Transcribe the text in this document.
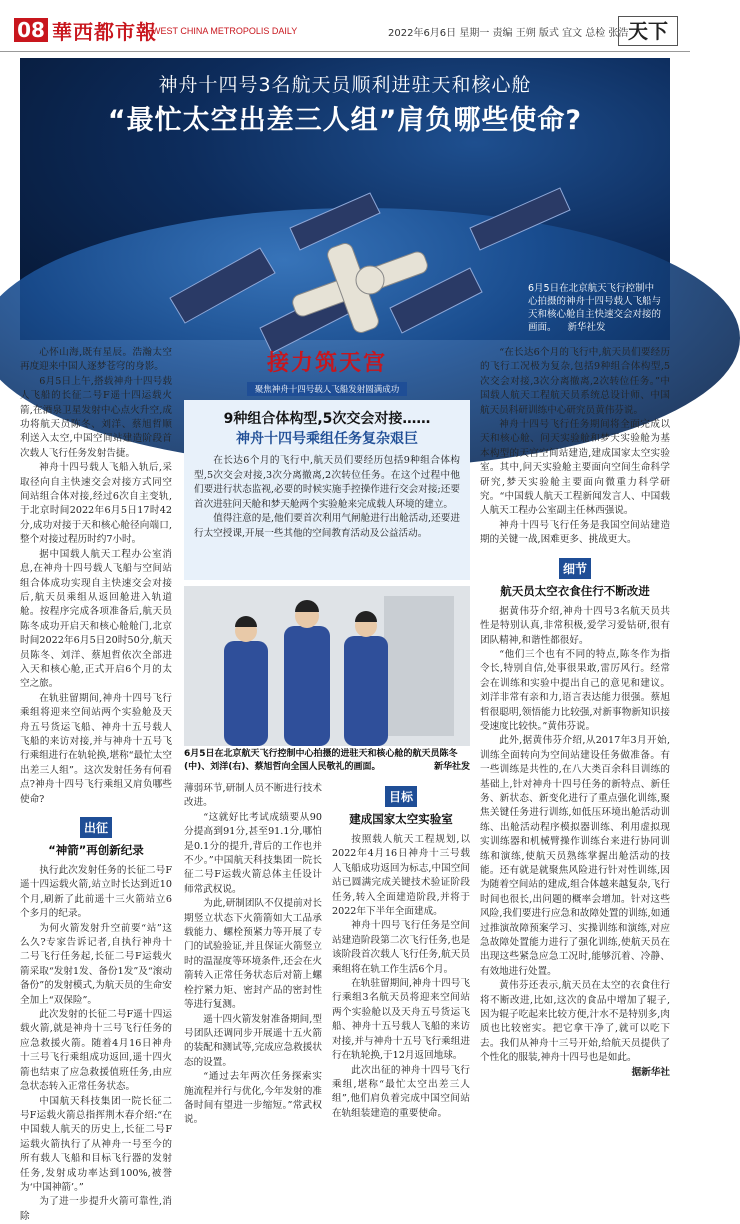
08 華西都市報
WEST CHINA METROPOLIS DAILY	2022年6月6日 星期一 责编 王朔 版式 宜文 总检 张浩 天下
神舟十四号3名航天员顺利进驻天和核心舱
“最忙太空出差三人组”肩负哪些使命?
6月5日在北京航天飞行控制中心拍摄的神舟十四号载人飞船与天和核心舱自主快速交会对接的画面。 新华社发

心怀山海,既有星辰。浩瀚太空再度迎来中国人逐梦苍穹的身影。

6月5日上午,搭载神舟十四号载人飞船的长征二号F遥十四运载火箭,在酒泉卫星发射中心点火升空,成功将航天员陈冬、刘洋、蔡旭哲顺利送入太空,中国空间站建造阶段首次载人飞行任务发射告捷。

神舟十四号载人飞船入轨后,采取径向自主快速交会对接方式同空间站组合体对接,经过6次自主变轨,于北京时间2022年6月5日17时42分,成功对接于天和核心舱径向端口,整个对接过程历时约7小时。

据中国载人航天工程办公室消息,在神舟十四号载人飞船与空间站组合体成功实现自主快速交会对接后,航天员乘组从返回舱进入轨道舱。按程序完成各项准备后,航天员陈冬成功开启天和核心舱舱门,北京时间2022年6月5日20时50分,航天员陈冬、刘洋、蔡旭哲依次全部进入天和核心舱,正式开启6个月的太空之旅。

在轨驻留期间,神舟十四号飞行乘组将迎来空间站两个实验舱及天舟五号货运飞船、神舟十五号载人飞船的来访对接,并与神舟十五号飞行乘组进行在轨轮换,堪称“最忙太空出差三人组”。这次发射任务有何看点?神舟十四号飞行乘组又肩负哪些使命?

出征
“神箭”再创新纪录

执行此次发射任务的长征二号F遥十四运载火箭,站立时长达到近10个月,刷新了此前遥十三火箭站立6个多月的纪录。

为何火箭发射升空前要“站”这么久?专家告诉记者,自执行神舟十二号飞行任务起,长征二号F运载火箭采取“发射1发、备份1发”及“滚动备份”的发射模式,为航天员的生命安全加上“双保险”。

此次发射的长征二号F遥十四运载火箭,就是神舟十三号飞行任务的应急救援火箭。随着4月16日神舟十三号飞行乘组成功返回,遥十四火箭也结束了应急救援值班任务,由应急状态转入正常任务状态。

中国航天科技集团一院长征二号F运载火箭总指挥荆木春介绍:“在中国载人航天的历史上,长征二号F运载火箭执行了从神舟一号至今的所有载人飞船和目标飞行器的发射任务,发射成功率达到100%,被誉为‘中国神箭’。”

为了进一步提升火箭可靠性,消除

接力筑天宫
聚焦神舟十四号载人飞船发射圆满成功
9种组合体构型,5次交会对接……
神舟十四号乘组任务复杂艰巨

在长达6个月的飞行中,航天员们要经历包括9种组合体构型,5次交会对接,3次分离撤离,2次转位任务。在这个过程中他们要进行状态监视,必要的时候实施手控操作进行交会对接;还要首次进驻问天舱和梦天舱两个实验舱来完成载人环境的建立。

值得注意的是,他们要首次利用气闸舱进行出舱活动,还要进行太空授课,开展一些其他的空间教育活动及公益活动。

6月5日在北京航天飞行控制中心拍摄的进驻天和核心舱的航天员陈冬(中)、刘洋(右)、蔡旭哲向全国人民敬礼的画面。	新华社发

薄弱环节,研制人员不断进行技术改进。

“这就好比考试成绩要从90分提高到91分,甚至91.1分,哪怕是0.1分的提升,背后的工作也并不少。”中国航天科技集团一院长征二号F运载火箭总体主任设计师常武权说。

为此,研制团队不仅提前对长期竖立状态下火箭箭如大工品承载能力、螺栓预紧力等开展了专门的试验验证,并且保证火箭竖立时的温湿度等环境条件,还会在火箭转入正常任务状态后对箭上螺栓拧紧力矩、密封产品的密封性等进行复测。

遥十四火箭发射准备期间,型号团队还调同步开展遥十五火箭的装配和测试等,完成应急救援状态的设置。

“通过去年两次任务探索实施流程并行与优化,今年发射的准备时间有望进一步缩短。”常武权说。

目标
建成国家太空实验室

按照载人航天工程规划,以2022年4月16日神舟十三号载人飞船成功返回为标志,中国空间站已圆满完成关键技术验证阶段任务,转入全面建造阶段,并将于2022年下半年全面建成。

神舟十四号飞行任务是空间站建造阶段第二次飞行任务,也是该阶段首次载人飞行任务,航天员乘组将在轨工作生活6个月。

在轨驻留期间,神舟十四号飞行乘组3名航天员将迎来空间站两个实验舱以及天舟五号货运飞船、神舟十五号载人飞船的来访对接,并与神舟十五号飞行乘组进行在轨轮换,于12月返回地球。

此次出征的神舟十四号飞行乘组,堪称“最忙太空出差三人组”,他们肩负着完成中国空间站在轨组装建造的重要使命。

“在长达6个月的飞行中,航天员们要经历的飞行工况极为复杂,包括9种组合体构型,5次交会对接,3次分离撤离,2次转位任务。”中国载人航天工程航天员系统总设计师、中国航天员科研训练中心研究员黄伟芬说。

神舟十四号飞行任务期间将全面完成以天和核心舱、问天实验舱和梦天实验舱为基本构型的天宫空间站建造,建成国家太空实验室。其中,问天实验舱主要面向空间生命科学研究,梦天实验舱主要面向微重力科学研究。“中国载人航天工程新闻发言人、中国载人航天工程办公室副主任林西强说。

神舟十四号飞行任务是我国空间站建造期的关键一战,困难更多、挑战更大。

细节
航天员太空衣食住行不断改进

据黄伟芬介绍,神舟十四号3名航天员共性是特别认真,非常积极,爱学习爱钻研,很有团队精神,和谐性都很好。

“他们三个也有不同的特点,陈冬作为指令长,特别自信,处事很果敢,雷厉风行。经常会在训练和实验中提出自己的意见和建议。刘洋非常有亲和力,语言表达能力很强。蔡旭哲很聪明,领悟能力比较强,对新事物新知识接受速度比较快。”黄伟芬说。

此外,据黄伟芬介绍,从2017年3月开始,训练全面转向为空间站建设任务做准备。有一些训练是共性的,在八大类百余科目训练的基础上,针对神舟十四号任务的新特点、新任务、新状态、新变化进行了重点强化训练,聚焦关键任务进行训练,如低压环境出舱活动训练、出舱活动程序模拟器训练、利用虚拟现实训练器和机械臂操作训练台来进行协同训练和演练,使航天员熟练掌握出舱活动的技能。还有就是就聚焦风险进行针对性训练,因为随着空间站的建成,组合体越来越复杂,飞行时间也很长,出问题的概率会增加。针对这些风险,我们要进行应急和故障处置的训练,如通过推演故障预案学习、实操训练和演练,对应急故障处置能力进行了强化训练,使航天员在出现这些紧急应急工况时,能够沉着、冷静、有效地进行处置。

黄伟芬还表示,航天员在太空的衣食住行将不断改进,比如,这次的食品中增加了辊子,因为辊子吃起来比较方便,汁水不是特别多,肉质也比较密实。把它拿干净了,就可以吃下去。我们从神舟十三号开始,给航天员提供了个性化的服装,神舟十四号也是如此。

据新华社
